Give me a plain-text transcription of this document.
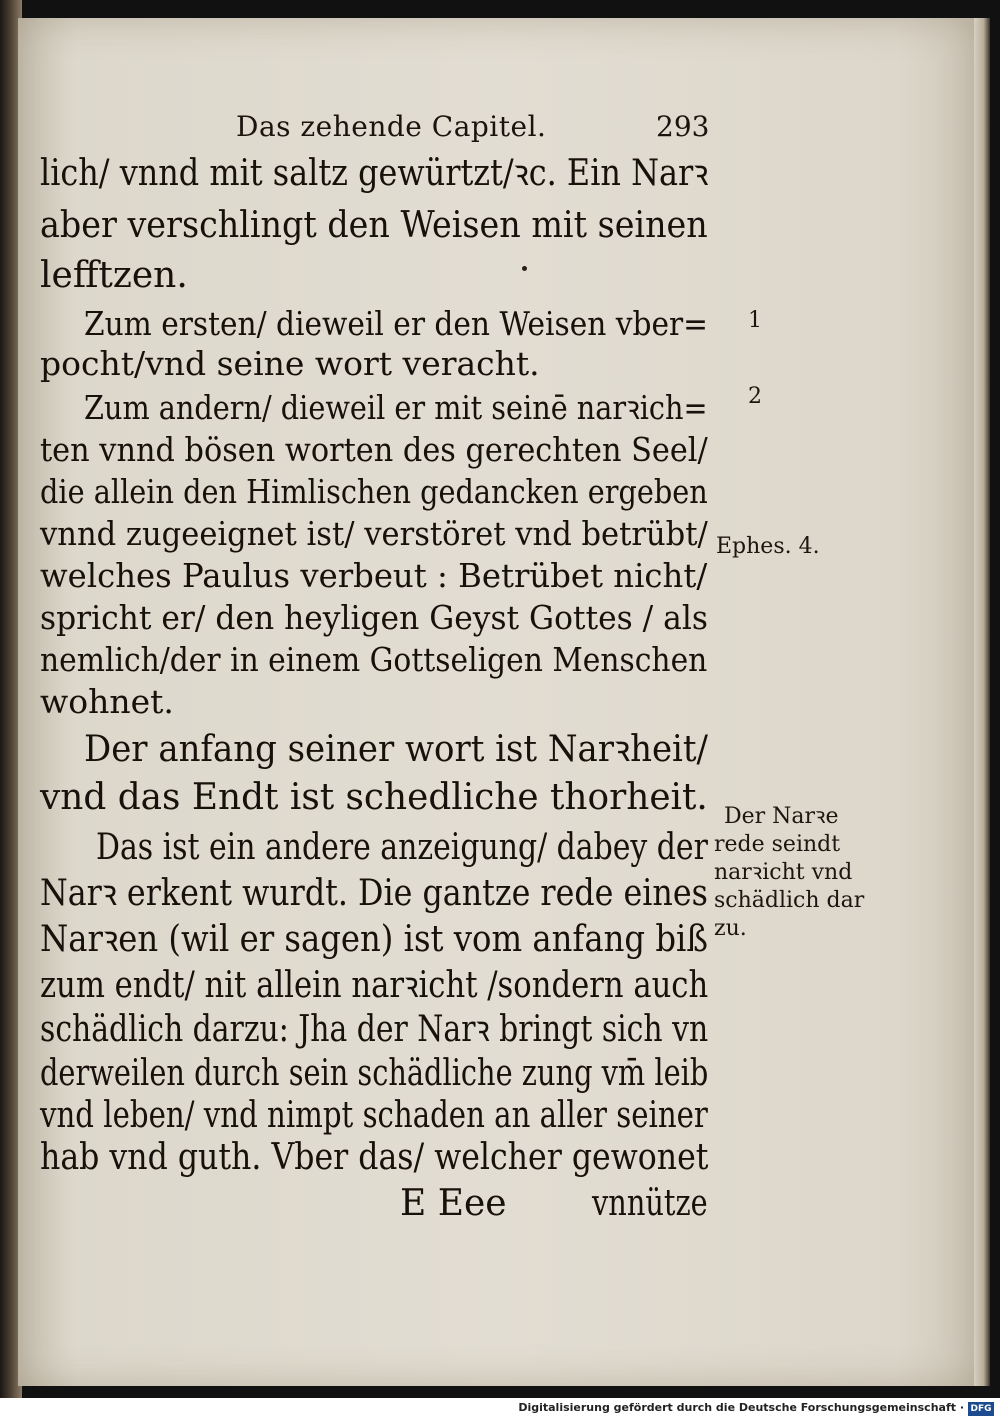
Das zehende Capitel.	293
lich/ vnnd mit saltz gewürtzt/ꝛc. Ein Narꝛ
aber verschlingt den Weisen mit seinen
lefftzen.
Zum ersten/ dieweil er den Weisen vber=
pocht/vnd seine wort veracht.
Zum andern/ dieweil er mit seinē narꝛich=
ten vnnd bösen worten des gerechten Seel/
die allein den Himlischen gedancken ergeben
vnnd zugeeignet ist/ verstöret vnd betrübt/
welches Paulus verbeut : Betrübet nicht/
spricht er/ den heyligen Geyst Gottes / als
nemlich/der in einem Gottseligen Menschen
wohnet.
Der anfang seiner wort ist Narꝛheit/
vnd das Endt ist schedliche thorheit.
Das ist ein andere anzeigung/ dabey der
Narꝛ erkent wurdt. Die gantze rede eines
Narꝛen (wil er sagen) ist vom anfang biß
zum endt/ nit allein narꝛicht /sondern auch
schädlich darzu: Jha der Narꝛ bringt sich vn
derweilen durch sein schädliche zung vm̄ leib
vnd leben/ vnd nimpt schaden an aller seiner
hab vnd guth. Vber das/ welcher gewonet
E Eee vnnütze
1
2
Ephes. 4.
Der Narꝛe
rede seindt
narꝛicht vnd
schädlich dar
zu.
Digitalisierung gefördert durch die Deutsche Forschungsgemeinschaft · DFG
